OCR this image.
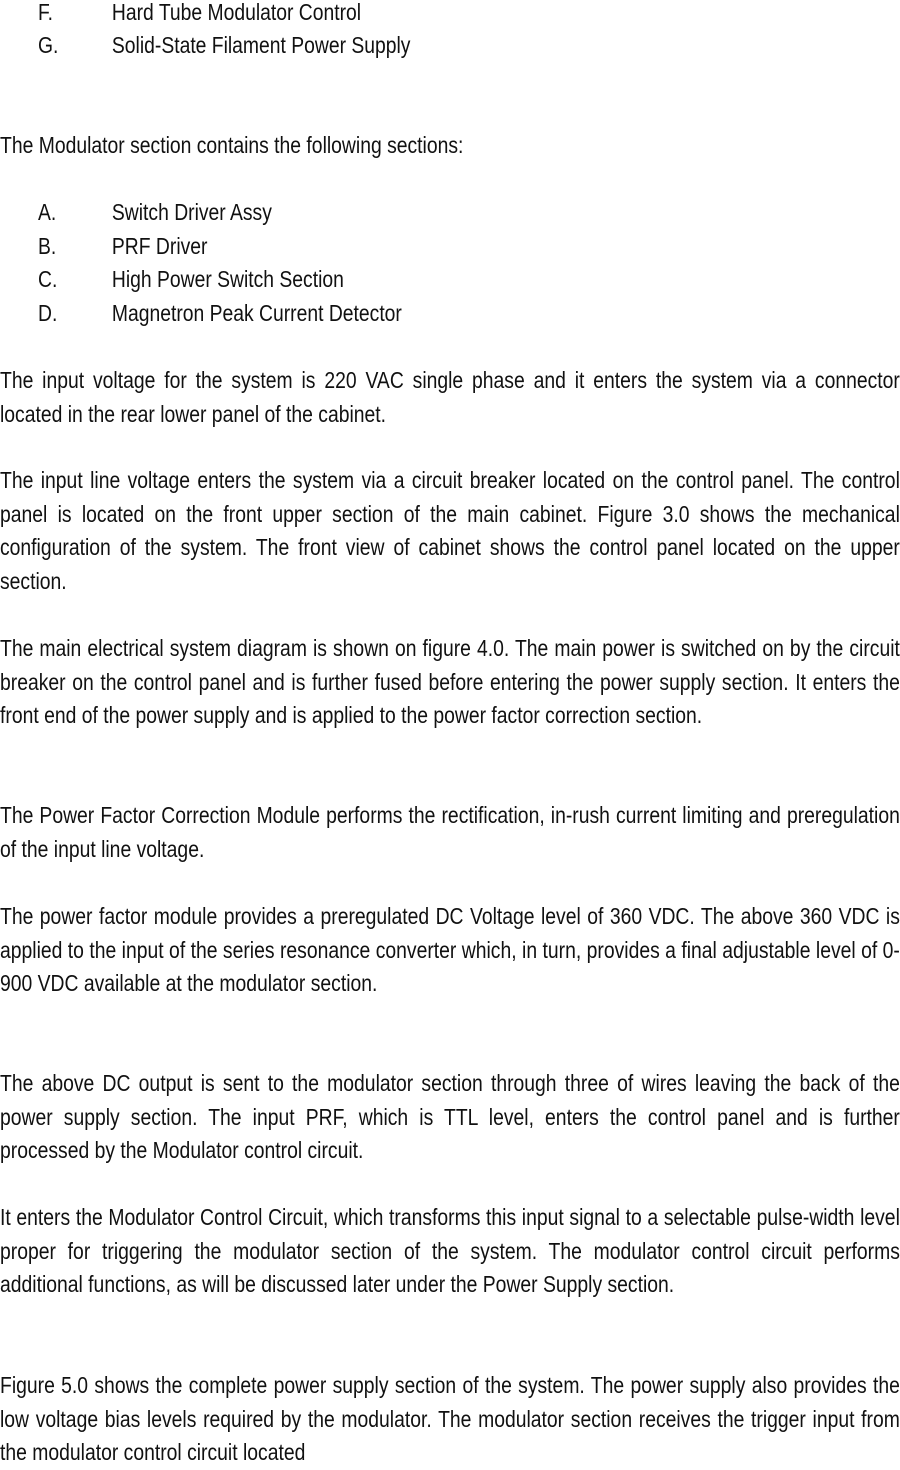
F.	Hard Tube Modulator Control
G. Solid-State Filament Power Supply
The Modulator section contains the following sections:
A. Switch Driver Assy
B. PRF Driver
C. High Power Switch Section
D. Magnetron Peak Current Detector
The input voltage for the system is 220 VAC single phase and it enters the system via a connector located in the rear lower panel of the cabinet.
The input line voltage enters the system via a circuit breaker located on the control panel. The control panel is located on the front upper section of the main cabinet. Figure 3.0 shows the mechanical configuration of the system. The front view of cabinet shows the control panel located on the upper section.
The main electrical system diagram is shown on figure 4.0. The main power is switched on by the circuit breaker on the control panel and is further fused before entering the power supply section. It enters the front end of the power supply and is applied to the power factor correction section.
The Power Factor Correction Module performs the rectification, in-rush current limiting and preregulation of the input line voltage.
The power factor module provides a preregulated DC Voltage level of 360 VDC. The above 360 VDC is applied to the input of the series resonance converter which, in turn, provides a final adjustable level of 0-900 VDC available at the modulator section.
The above DC output is sent to the modulator section through three of wires leaving the back of the power supply section. The input PRF, which is TTL level, enters the control panel and is further processed by the Modulator control circuit.
It enters the Modulator Control Circuit, which transforms this input signal to a selectable pulse-width level proper for triggering the modulator section of the system. The modulator control circuit performs additional functions, as will be discussed later under the Power Supply section.
Figure 5.0 shows the complete power supply section of the system. The power supply also provides the low voltage bias levels required by the modulator. The modulator section receives the trigger input from the modulator control circuit located
